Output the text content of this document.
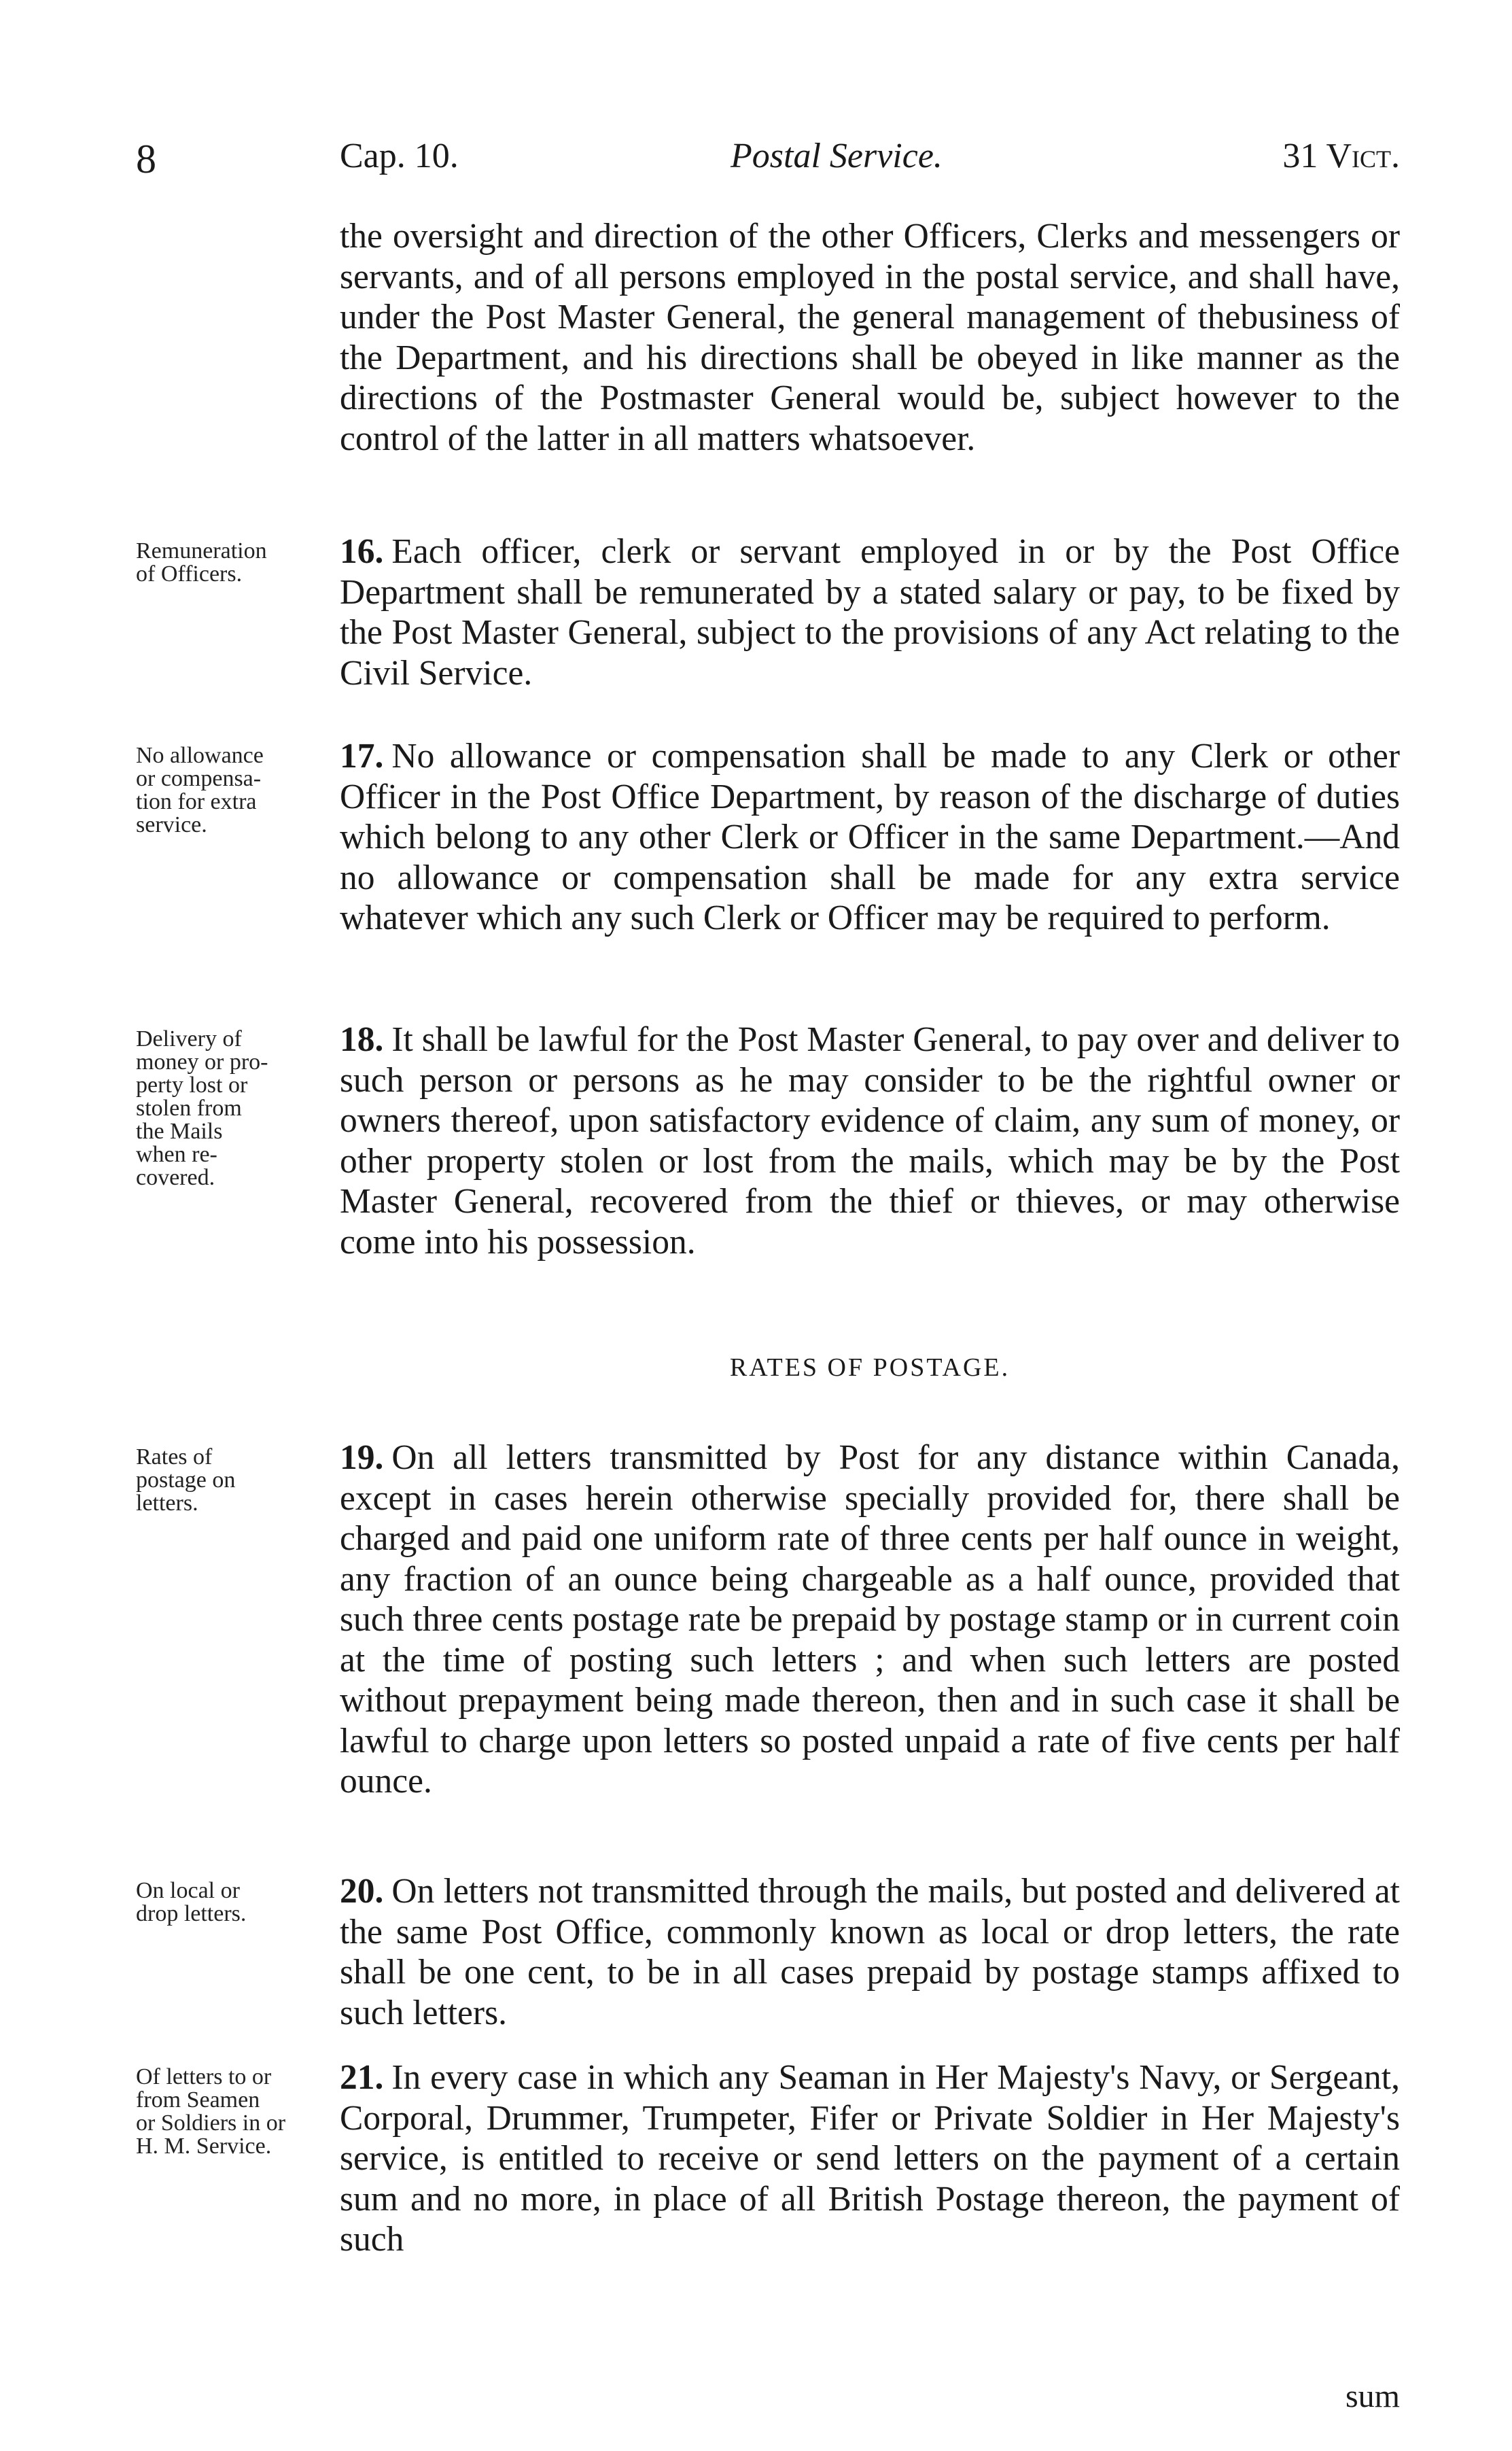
8	Cap. 10.	Postal Service.	31 Vict.
the oversight and direction of the other Officers, Clerks and messengers or servants, and of all persons employed in the postal service, and shall have, under the Post Master General, the general management of thebusiness of the Department, and his directions shall be obeyed in like manner as the directions of the Postmaster General would be, subject however to the control of the latter in all matters whatsoever.
Remuneration
of Officers.
16. Each officer, clerk or servant employed in or by the Post Office Department shall be remunerated by a stated salary or pay, to be fixed by the Post Master General, subject to the provisions of any Act relating to the Civil Service.
No allowance
or compensa-
tion for extra
service.
17. No allowance or compensation shall be made to any Clerk or other Officer in the Post Office Department, by reason of the discharge of duties which belong to any other Clerk or Officer in the same Department.—And no allowance or compensation shall be made for any extra service whatever which any such Clerk or Officer may be required to perform.
Delivery of
money or pro-
perty lost or
stolen from
the Mails
when re-
covered.
18. It shall be lawful for the Post Master General, to pay over and deliver to such person or persons as he may consider to be the rightful owner or owners thereof, upon satisfactory evidence of claim, any sum of money, or other property stolen or lost from the mails, which may be by the Post Master General, recovered from the thief or thieves, or may otherwise come into his possession.
RATES OF POSTAGE.
Rates of
postage on
letters.
19. On all letters transmitted by Post for any distance within Canada, except in cases herein otherwise specially provided for, there shall be charged and paid one uniform rate of three cents per half ounce in weight, any fraction of an ounce being chargeable as a half ounce, provided that such three cents postage rate be prepaid by postage stamp or in current coin at the time of posting such letters ; and when such letters are posted without prepayment being made thereon, then and in such case it shall be lawful to charge upon letters so posted unpaid a rate of five cents per half ounce.
On local or
drop letters.
20. On letters not transmitted through the mails, but posted and delivered at the same Post Office, commonly known as local or drop letters, the rate shall be one cent, to be in all cases prepaid by postage stamps affixed to such letters.
Of letters to or
from Seamen
or Soldiers in or
H. M. Service.
21. In every case in which any Seaman in Her Majesty's Navy, or Sergeant, Corporal, Drummer, Trumpeter, Fifer or Private Soldier in Her Majesty's service, is entitled to receive or send letters on the payment of a certain sum and no more, in place of all British Postage thereon, the payment of such
sum
